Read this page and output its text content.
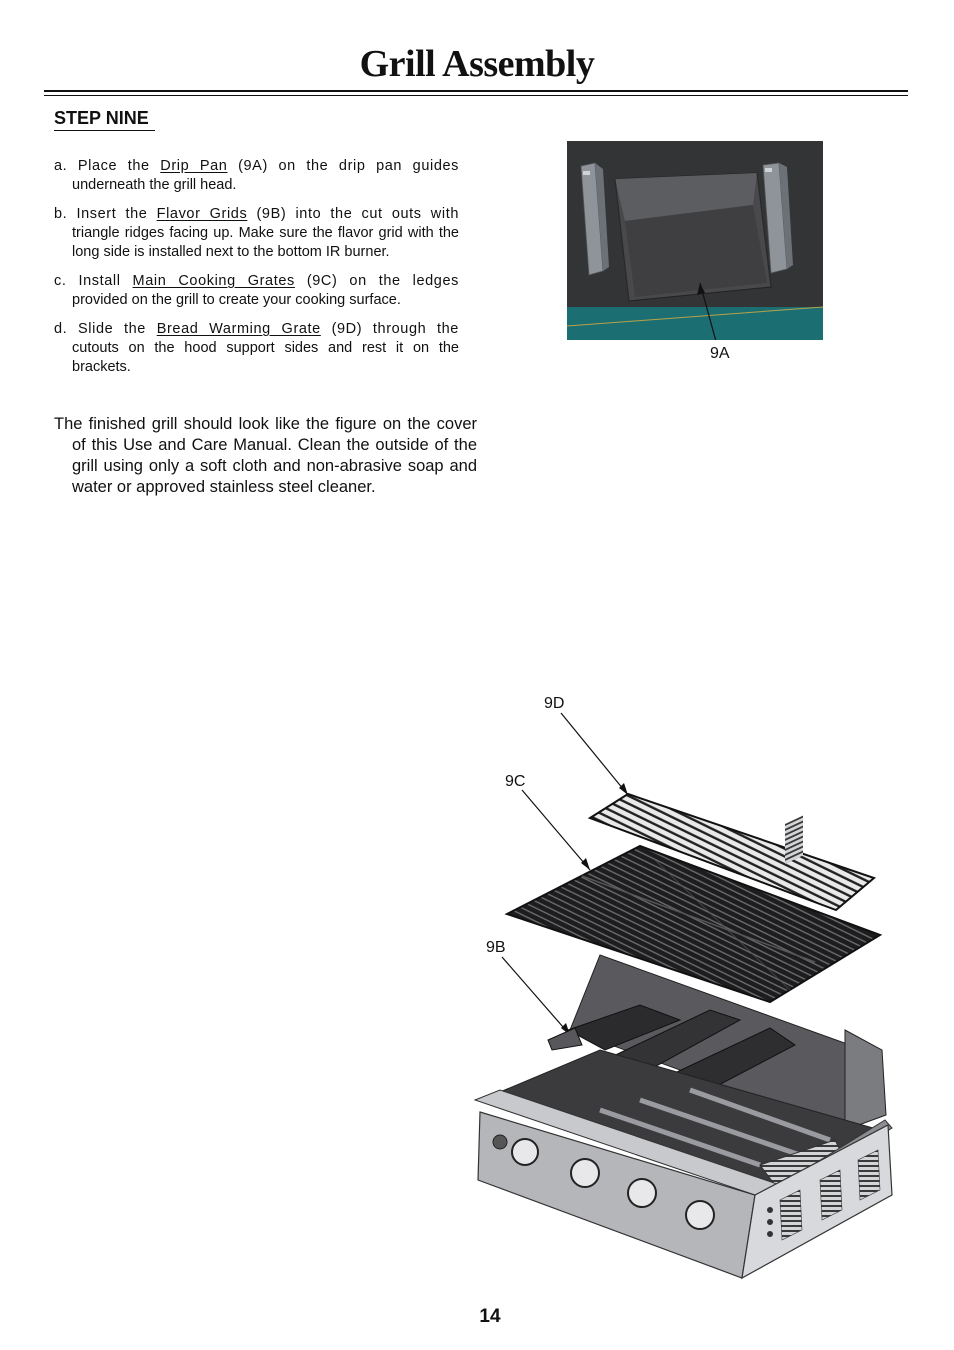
Grill Assembly
STEP NINE
a. Place the Drip Pan (9A) on the drip pan guides underneath the grill head.
b. Insert the Flavor Grids (9B) into the cut outs with triangle ridges facing up. Make sure the flavor grid with the long side is installed next to the bottom IR burner.
c. Install Main Cooking Grates (9C) on the ledges provided on the grill to create your cooking surface.
d. Slide the Bread Warming Grate (9D) through the cutouts on the hood support sides and rest it on the brackets.

The finished grill should look like the figure on the cover of this Use and Care Manual. Clean the outside of the grill using only a soft cloth and non-abrasive soap and water or approved stainless steel cleaner.

9A
9D
9C
9B
14
